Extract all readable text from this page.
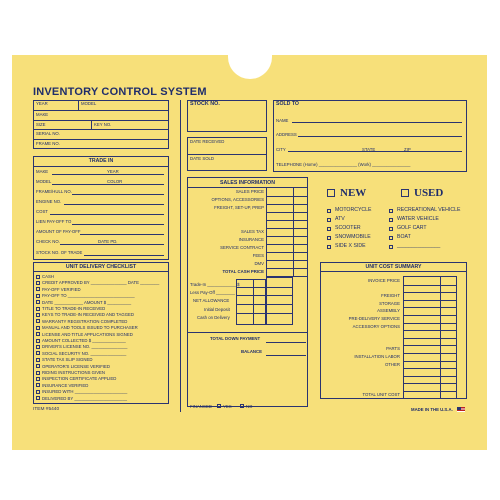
INVENTORY CONTROL SYSTEM
YEAR	MODEL
MAKE
SIZE	KEY NO.
SERIAL NO.
FRAME NO.
TRADE IN
MAKE	YEAR
MODEL	COLOR
FRAME/HULL NO.
ENGINE NO.
COST
LIEN PAY-OFF TO
AMOUNT OF PAY-OFF
CHECK NO.	DATE PD.
STOCK NO. OF TRADE
UNIT DELIVERY CHECKLIST
CASH
CREDIT APPROVED BY _______________ DATE ________
PAY-OFF VERIFIED
PAY-OFF TO ____________________________
DATE ____________ AMOUNT $ __________
TITLE TO TRADE-IN RECEIVED
KEYS TO TRADE-IN RECEIVED AND TAGGED
WARRANTY REGISTRATION COMPLETED
MANUAL AND TOOLS ISSUED TO PURCHASER
LICENSE AND TITLE APPLICATIONS SIGNED
AMOUNT COLLECTED $ ______________
DRIVER'S LICENSE NO. _______________
SOCIAL SECURITY NO. _______________
STATE TAX SLIP SIGNED
OPERATOR'S LICENSE VERIFIED
RIDING INSTRUCTIONS GIVEN
INSPECTION CERTIFICATE APPLIED
INSURANCE VERIFIED
INSURED WITH ______________________
DELIVERED BY ______________________
ITEM #5440
STOCK NO.
DATE RECEIVED
DATE SOLD
SALES INFORMATION
SALES PRICE
OPTIONS, ACCESSORIES
FREIGHT, SET-UP, PREP
SALES TAX
INSURANCE
SERVICE CONTRACT
FEES
DMV
TOTAL CASH PRICE
Trade-In ____________ $
Less Pay-Off ________
NET ALLOWANCE
Initial Deposit
Cash on Delivery
TOTAL DOWN PAYMENT
BALANCE
FINANCED	YES	NO
SOLD TO
NAME
ADDRESS
CITY	STATE	ZIP
TELEPHONE (Home) ________________ (Work) ________________
NEW	USED
MOTORCYCLE
ATV
SCOOTER
SNOWMOBILE
SIDE X SIDE
RECREATIONAL VEHICLE
WATER VEHICLE
GOLF CART
BOAT
_______________
UNIT COST SUMMARY
INVOICE PRICE
FREIGHT
STORAGE
ASSEMBLY
PRE-DELIVERY SERVICE
ACCESSORY OPTIONS
PARTS
INSTALLATION LABOR
OTHER
TOTAL UNIT COST
MADE IN THE U.S.A.
